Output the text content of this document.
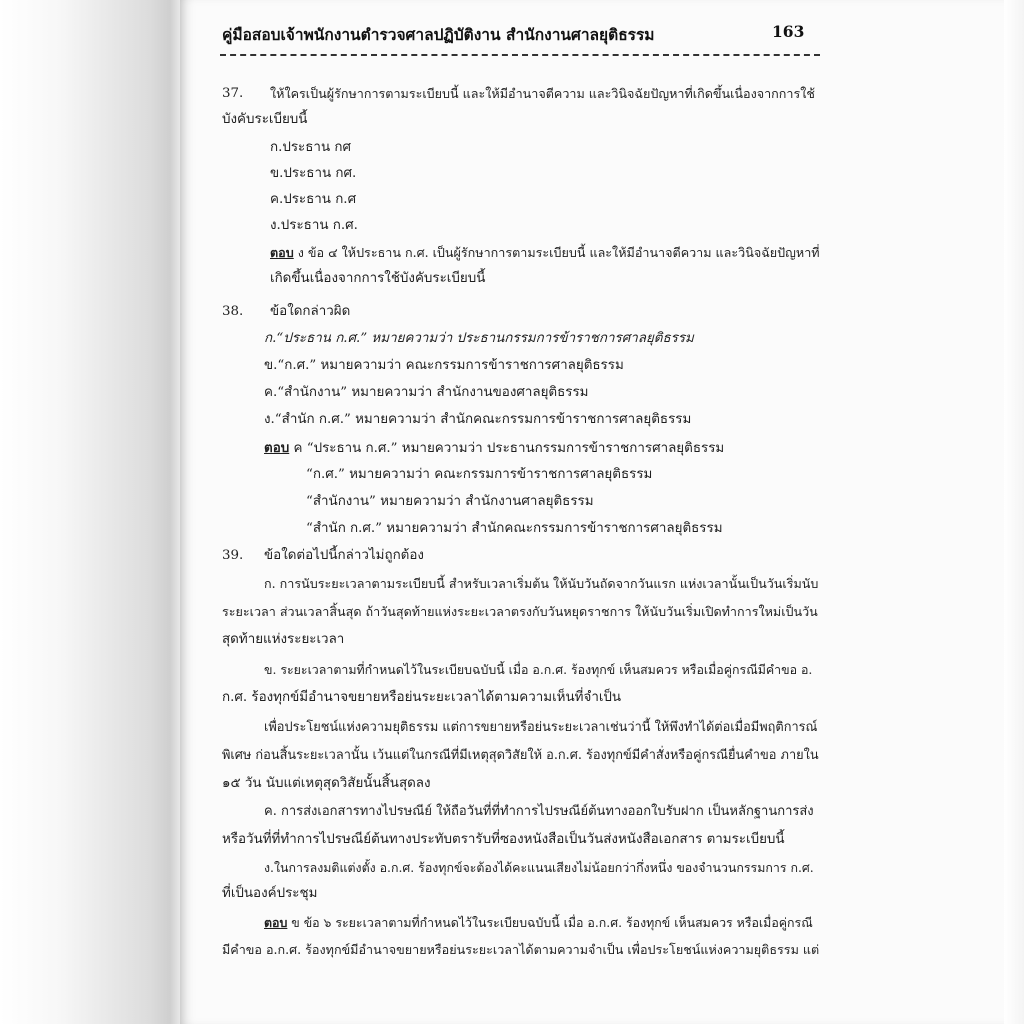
คู่มือสอบเจ้าพนักงานตำรวจศาลปฏิบัติงาน สำนักงานศาลยุติธรรม	163
37. ให้ใครเป็นผู้รักษาการตามระเบียบนี้ และให้มีอำนาจตีความ และวินิจฉัยปัญหาที่เกิดขึ้นเนื่องจากการใช้
บังคับระเบียบนี้
ก.ประธาน กศ
ข.ประธาน กศ.
ค.ประธาน ก.ศ
ง.ประธาน ก.ศ.
ตอบ ง ข้อ ๔ ให้ประธาน ก.ศ. เป็นผู้รักษาการตามระเบียบนี้ และให้มีอำนาจตีความ และวินิจฉัยปัญหาที่
เกิดขึ้นเนื่องจากการใช้บังคับระเบียบนี้
38. ข้อใดกล่าวผิด
ก.“ประธาน ก.ศ.” หมายความว่า ประธานกรรมการข้าราชการศาลยุติธรรม
ข.“ก.ศ.” หมายความว่า คณะกรรมการข้าราชการศาลยุติธรรม
ค.“สำนักงาน” หมายความว่า สำนักงานของศาลยุติธรรม
ง.“สำนัก ก.ศ.” หมายความว่า สำนักคณะกรรมการข้าราชการศาลยุติธรรม
ตอบ ค “ประธาน ก.ศ.” หมายความว่า ประธานกรรมการข้าราชการศาลยุติธรรม
“ก.ศ.” หมายความว่า คณะกรรมการข้าราชการศาลยุติธรรม
“สำนักงาน” หมายความว่า สำนักงานศาลยุติธรรม
“สำนัก ก.ศ.” หมายความว่า สำนักคณะกรรมการข้าราชการศาลยุติธรรม
39. ข้อใดต่อไปนี้กล่าวไม่ถูกต้อง
ก. การนับระยะเวลาตามระเบียบนี้ สำหรับเวลาเริ่มต้น ให้นับวันถัดจากวันแรก แห่งเวลานั้นเป็นวันเริ่มนับ
ระยะเวลา ส่วนเวลาสิ้นสุด ถ้าวันสุดท้ายแห่งระยะเวลาตรงกับวันหยุดราชการ ให้นับวันเริ่มเปิดทำการใหม่เป็นวัน
สุดท้ายแห่งระยะเวลา
ข. ระยะเวลาตามที่กำหนดไว้ในระเบียบฉบับนี้ เมื่อ อ.ก.ศ. ร้องทุกข์ เห็นสมควร หรือเมื่อคู่กรณีมีคำขอ อ.
ก.ศ. ร้องทุกข์มีอำนาจขยายหรือย่นระยะเวลาได้ตามความเห็นที่จำเป็น
เพื่อประโยชน์แห่งความยุติธรรม แต่การขยายหรือย่นระยะเวลาเช่นว่านี้ ให้พึงทำได้ต่อเมื่อมีพฤติการณ์
พิเศษ ก่อนสิ้นระยะเวลานั้น เว้นแต่ในกรณีที่มีเหตุสุดวิสัยให้ อ.ก.ศ. ร้องทุกข์มีคำสั่งหรือคู่กรณียื่นคำขอ ภายใน
๑๕ วัน นับแต่เหตุสุดวิสัยนั้นสิ้นสุดลง
ค. การส่งเอกสารทางไปรษณีย์ ให้ถือวันที่ที่ทำการไปรษณีย์ต้นทางออกใบรับฝาก เป็นหลักฐานการส่ง
หรือวันที่ที่ทำการไปรษณีย์ต้นทางประทับตรารับที่ซองหนังสือเป็นวันส่งหนังสือเอกสาร ตามระเบียบนี้
ง.ในการลงมติแต่งตั้ง อ.ก.ศ. ร้องทุกข์จะต้องได้คะแนนเสียงไม่น้อยกว่ากึ่งหนึ่ง ของจำนวนกรรมการ ก.ศ.
ที่เป็นองค์ประชุม
ตอบ ข ข้อ ๖ ระยะเวลาตามที่กำหนดไว้ในระเบียบฉบับนี้ เมื่อ อ.ก.ศ. ร้องทุกข์ เห็นสมควร หรือเมื่อคู่กรณี
มีคำขอ อ.ก.ศ. ร้องทุกข์มีอำนาจขยายหรือย่นระยะเวลาได้ตามความจำเป็น เพื่อประโยชน์แห่งความยุติธรรม แต่
